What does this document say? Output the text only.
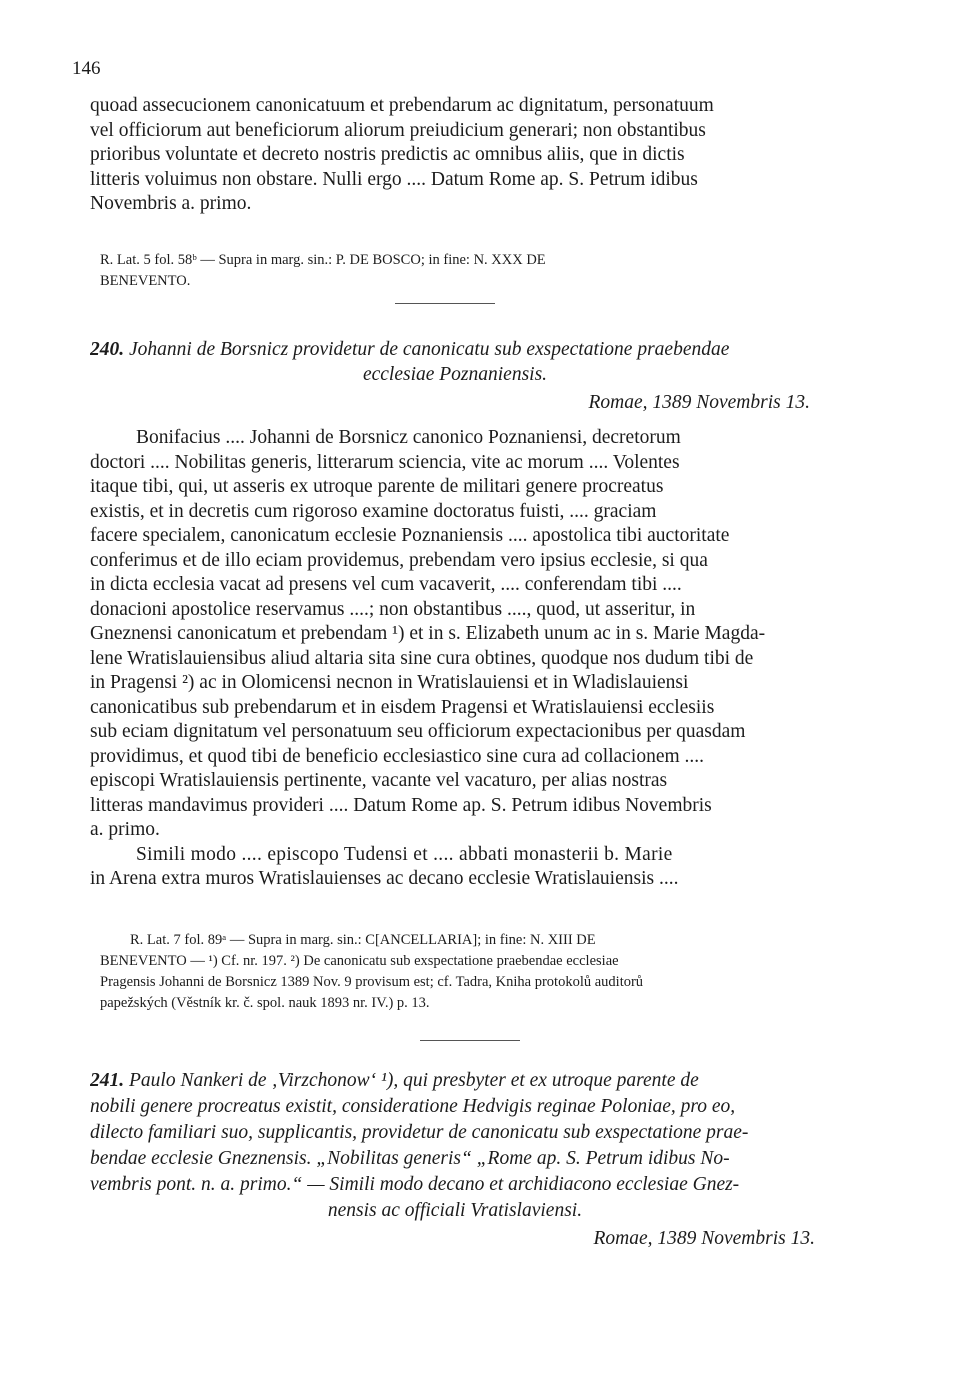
146
quoad assecucionem canonicatuum et prebendarum ac dignitatum, personatuum
vel officiorum aut beneficiorum aliorum preiudicium generari; non obstantibus
prioribus voluntate et decreto nostris predictis ac omnibus aliis, que in dictis
litteris voluimus non obstare. Nulli ergo .... Datum Rome ap. S. Petrum idibus
Novembris a. primo.
R. Lat. 5 fol. 58ᵇ — Supra in marg. sin.: P. DE BOSCO; in fine: N. XXX DE
BENEVENTO.
240. Johanni de Borsnicz providetur de canonicatu sub exspectatione praebendae
ecclesiae Poznaniensis.
Romae, 1389 Novembris 13.
Bonifacius .... Johanni de Borsnicz canonico Poznaniensi, decretorum
doctori .... Nobilitas generis, litterarum sciencia, vite ac morum .... Volentes
itaque tibi, qui, ut asseris ex utroque parente de militari genere procreatus
existis, et in decretis cum rigoroso examine doctoratus fuisti, .... graciam
facere specialem, canonicatum ecclesie Poznaniensis .... apostolica tibi auctoritate
conferimus et de illo eciam providemus, prebendam vero ipsius ecclesie, si qua
in dicta ecclesia vacat ad presens vel cum vacaverit, .... conferendam tibi ....
donacioni apostolice reservamus ....; non obstantibus ...., quod, ut asseritur, in
Gneznensi canonicatum et prebendam ¹) et in s. Elizabeth unum ac in s. Marie Magda-
lene Wratislauiensibus aliud altaria sita sine cura obtines, quodque nos dudum tibi de
in Pragensi ²) ac in Olomicensi necnon in Wratislauiensi et in Wladislauiensi
canonicatibus sub prebendarum et in eisdem Pragensi et Wratislauiensi ecclesiis
sub eciam dignitatum vel personatuum seu officiorum expectacionibus per quasdam
providimus, et quod tibi de beneficio ecclesiastico sine cura ad collacionem ....
episcopi Wratislauiensis pertinente, vacante vel vacaturo, per alias nostras
litteras mandavimus provideri .... Datum Rome ap. S. Petrum idibus Novembris
a. primo.
Simili modo .... episcopo Tudensi et .... abbati monasterii b. Marie
in Arena extra muros Wratislauienses ac decano ecclesie Wratislauiensis ....
R. Lat. 7 fol. 89ᵃ — Supra in marg. sin.: C[ANCELLARIA]; in fine: N. XIII DE
BENEVENTO — ¹) Cf. nr. 197. ²) De canonicatu sub exspectatione praebendae ecclesiae
Pragensis Johanni de Borsnicz 1389 Nov. 9 provisum est; cf. Tadra, Kniha protokolů auditorů
papežských (Věstník kr. č. spol. nauk 1893 nr. IV.) p. 13.
241. Paulo Nankeri de ‚Virzchonow‘ ¹), qui presbyter et ex utroque parente de
nobili genere procreatus existit, consideratione Hedvigis reginae Poloniae, pro eo,
dilecto familiari suo, supplicantis, providetur de canonicatu sub exspectatione prae-
bendae ecclesie Gneznensis. „Nobilitas generis“ „Rome ap. S. Petrum idibus No-
vembris pont. n. a. primo.“ — Simili modo decano et archidiacono ecclesiae Gnez-
nensis ac officiali Vratislaviensi.
Romae, 1389 Novembris 13.
